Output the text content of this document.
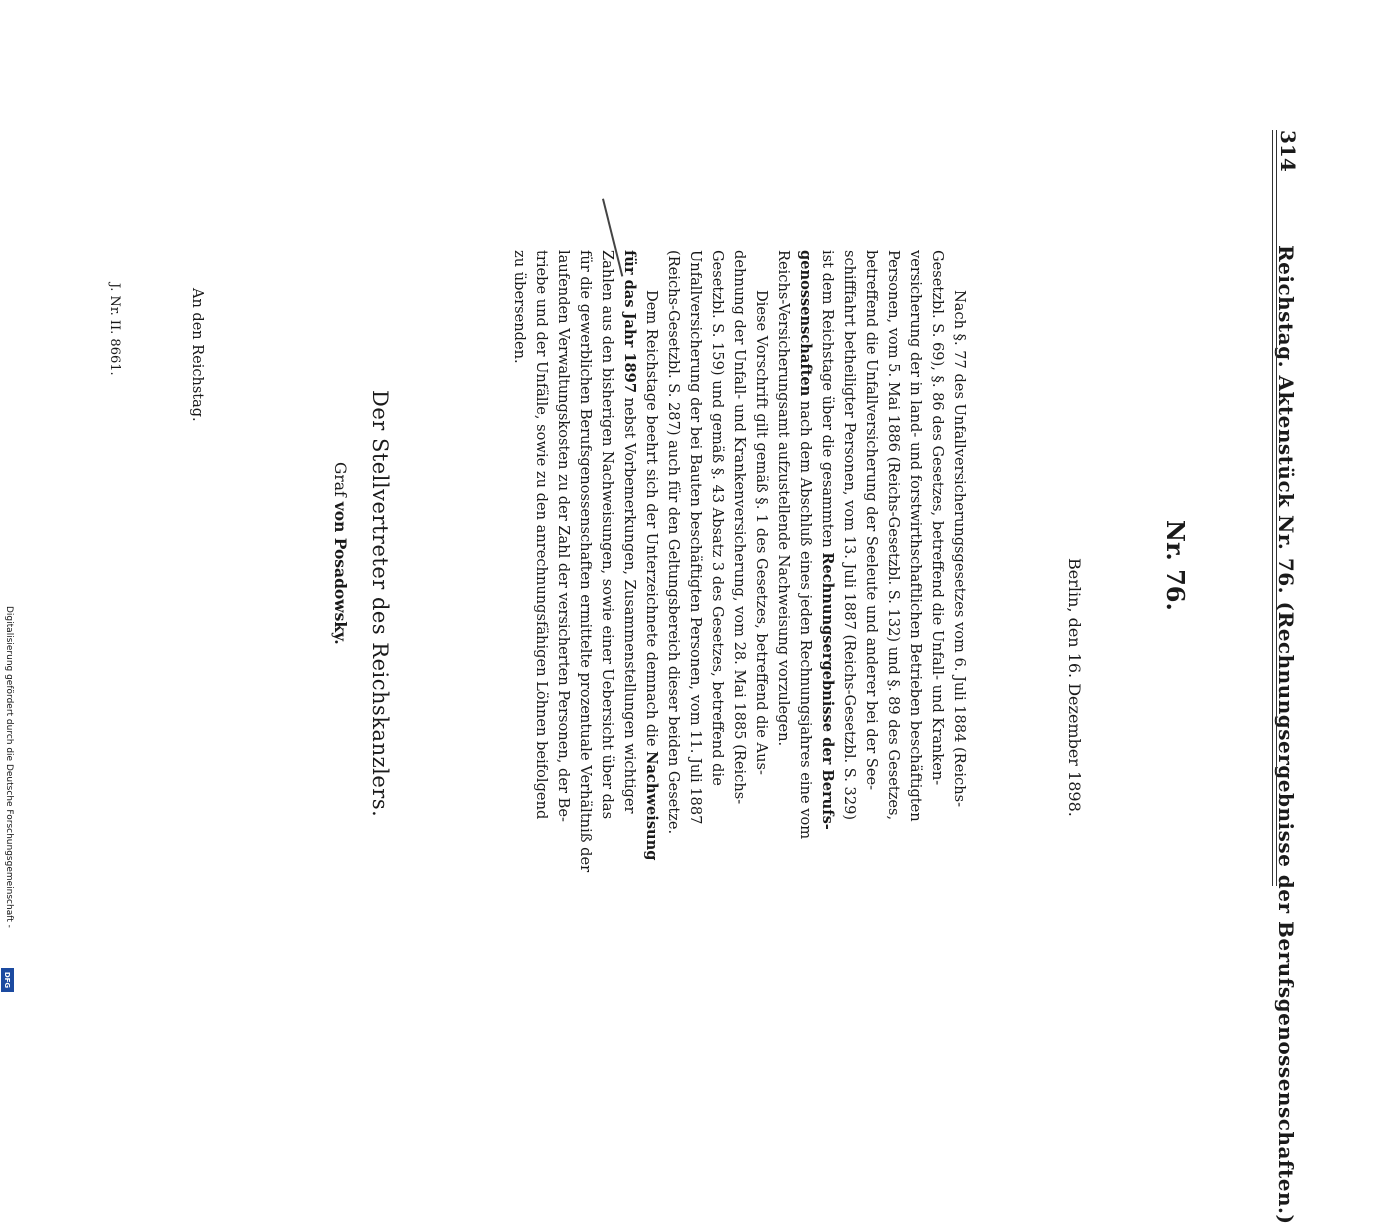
314
Reichstag. Aktenstück Nr. 76. (Rechnungsergebnisse der Berufsgenossenschaften.)
Nr. 76.
Berlin, den 16. Dezember 1898.
Nach §. 77 des Unfallversicherungsgesetzes vom 6. Juli 1884 (Reichs-
Gesetzbl. S. 69), §. 86 des Gesetzes, betreffend die Unfall- und Kranken-
versicherung der in land- und forstwirthschaftlichen Betrieben beschäftigten
Personen, vom 5. Mai 1886 (Reichs-Gesetzbl. S. 132) und §. 89 des Gesetzes,
betreffend die Unfallversicherung der Seeleute und anderer bei der See-
schifffahrt betheiligter Personen, vom 13. Juli 1887 (Reichs-Gesetzbl. S. 329)
ist dem Reichstage über die gesammten Rechnungsergebnisse der Berufs-
genossenschaften nach dem Abschluß eines jeden Rechnungsjahres eine vom
Reichs-Versicherungsamt aufzustellende Nachweisung vorzulegen.
Diese Vorschrift gilt gemäß §. 1 des Gesetzes, betreffend die Aus-
dehnung der Unfall- und Krankenversicherung, vom 28. Mai 1885 (Reichs-
Gesetzbl. S. 159) und gemäß §. 43 Absatz 3 des Gesetzes, betreffend die
Unfallversicherung der bei Bauten beschäftigten Personen, vom 11. Juli 1887
(Reichs-Gesetzbl. S. 287) auch für den Geltungsbereich dieser beiden Gesetze.
Dem Reichstage beehrt sich der Unterzeichnete demnach die Nachweisung
für das Jahr 1897 nebst Vorbemerkungen, Zusammenstellungen wichtiger
Zahlen aus den bisherigen Nachweisungen, sowie einer Uebersicht über das
für die gewerblichen Berufsgenossenschaften ermittelte prozentuale Verhältniß der
laufenden Verwaltungskosten zu der Zahl der versicherten Personen, der Be-
triebe und der Unfälle, sowie zu den anrechnungsfähigen Löhnen beifolgend
zu übersenden.
Der Stellvertreter des Reichskanzlers.
Graf von Posadowsky.
An den Reichstag.
J. Nr. II. 8661.
Digitalisierung gefördert durch die Deutsche Forschungsgemeinschaft -
DFG
